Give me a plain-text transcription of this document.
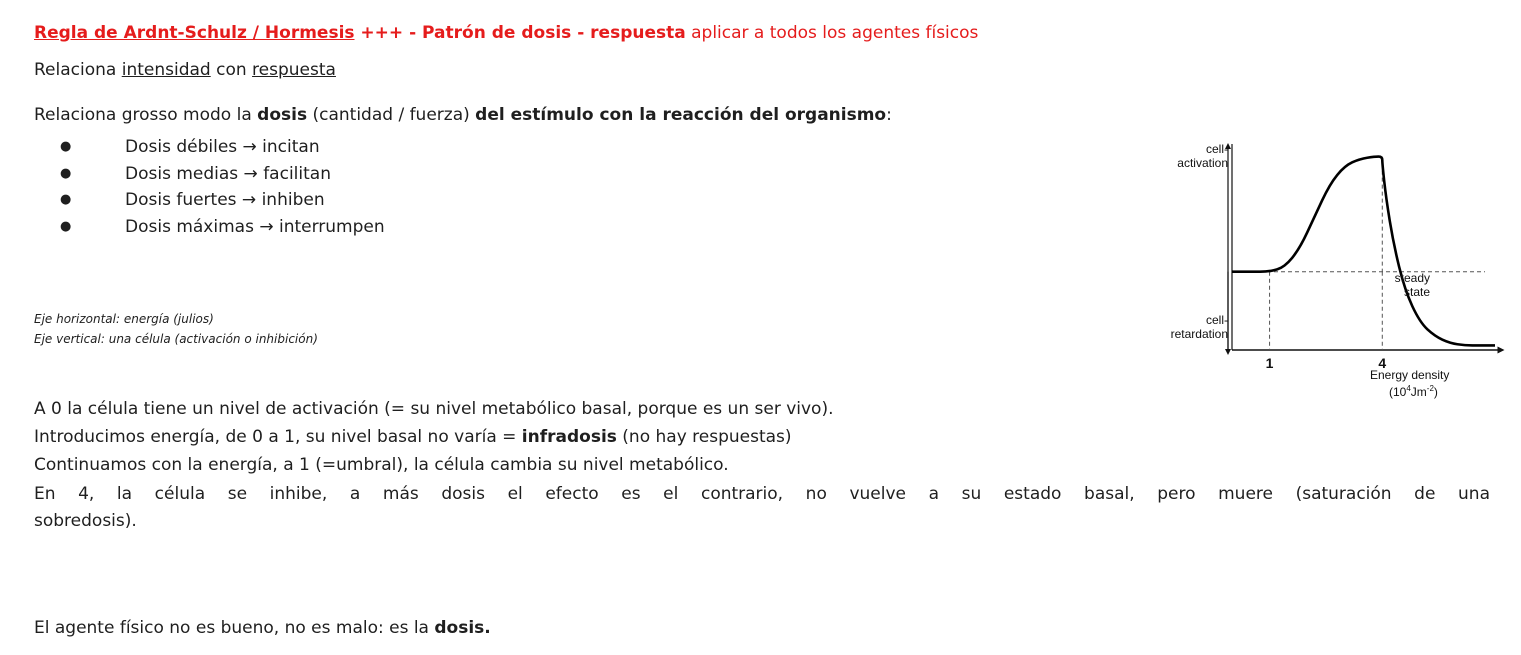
Regla de Ardnt-Schulz / Hormesis +++ - Patrón de dosis - respuesta aplicar a todos los agentes físicos
Relaciona intensidad con respuesta
Relaciona grosso modo la dosis (cantidad / fuerza) del estímulo con la reacción del organismo:
●	Dosis débiles → incitan
●	Dosis medias → facilitan
●	Dosis fuertes → inhiben
●	Dosis máximas → interrumpen
Eje horizontal: energía (julios)
Eje vertical: una célula (activación o inhibición)
A 0 la célula tiene un nivel de activación (= su nivel metabólico basal, porque es un ser vivo).
Introducimos energía, de 0 a 1, su nivel basal no varía = infradosis (no hay respuestas)
Continuamos con la energía, a 1 (=umbral), la célula cambia su nivel metabólico.
En 4, la célula se inhibe, a más dosis el efecto es el contrario, no vuelve a su estado basal, pero muere (saturación de una
sobredosis).
El agente físico no es bueno, no es malo: es la dosis.
1	4
cell-
activation
cell-
retardation
steady
state
Energy density
$(10^4Jm^{-2})$
